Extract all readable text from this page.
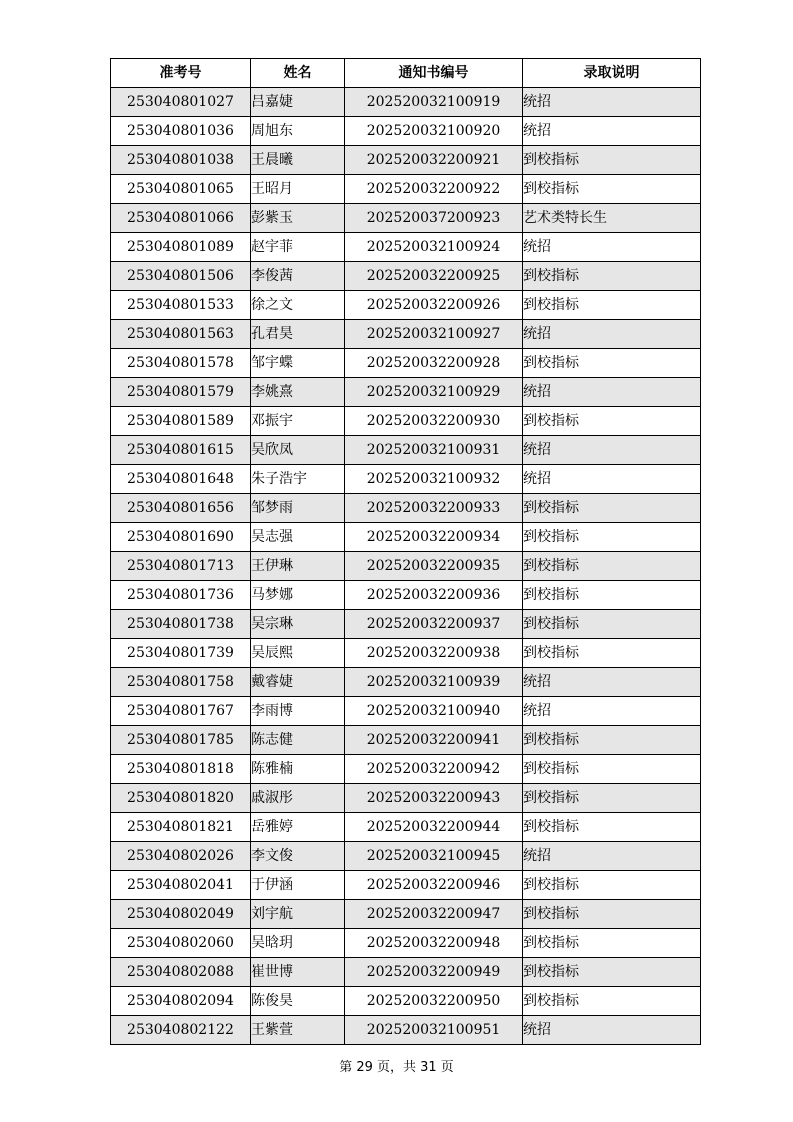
准考号	姓名	通知书编号	录取说明
253040801027	吕嘉婕	202520032100919	统招
253040801036	周旭东	202520032100920	统招
253040801038	王晨曦	202520032200921	到校指标
253040801065	王昭月	202520032200922	到校指标
253040801066	彭紫玉	202520037200923	艺术类特长生
253040801089	赵宇菲	202520032100924	统招
253040801506	李俊茜	202520032200925	到校指标
253040801533	徐之文	202520032200926	到校指标
253040801563	孔君昊	202520032100927	统招
253040801578	邹宇蝶	202520032200928	到校指标
253040801579	李姚熹	202520032100929	统招
253040801589	邓振宇	202520032200930	到校指标
253040801615	吴欣凤	202520032100931	统招
253040801648	朱子浩宇	202520032100932	统招
253040801656	邹梦雨	202520032200933	到校指标
253040801690	吴志强	202520032200934	到校指标
253040801713	王伊琳	202520032200935	到校指标
253040801736	马梦娜	202520032200936	到校指标
253040801738	吴宗琳	202520032200937	到校指标
253040801739	吴辰熙	202520032200938	到校指标
253040801758	戴睿婕	202520032100939	统招
253040801767	李雨博	202520032100940	统招
253040801785	陈志健	202520032200941	到校指标
253040801818	陈雅楠	202520032200942	到校指标
253040801820	戚淑彤	202520032200943	到校指标
253040801821	岳雅婷	202520032200944	到校指标
253040802026	李文俊	202520032100945	统招
253040802041	于伊涵	202520032200946	到校指标
253040802049	刘宇航	202520032200947	到校指标
253040802060	吴晗玥	202520032200948	到校指标
253040802088	崔世博	202520032200949	到校指标
253040802094	陈俊昊	202520032200950	到校指标
253040802122	王紫萱	202520032100951	统招
第 29 页，共 31 页
